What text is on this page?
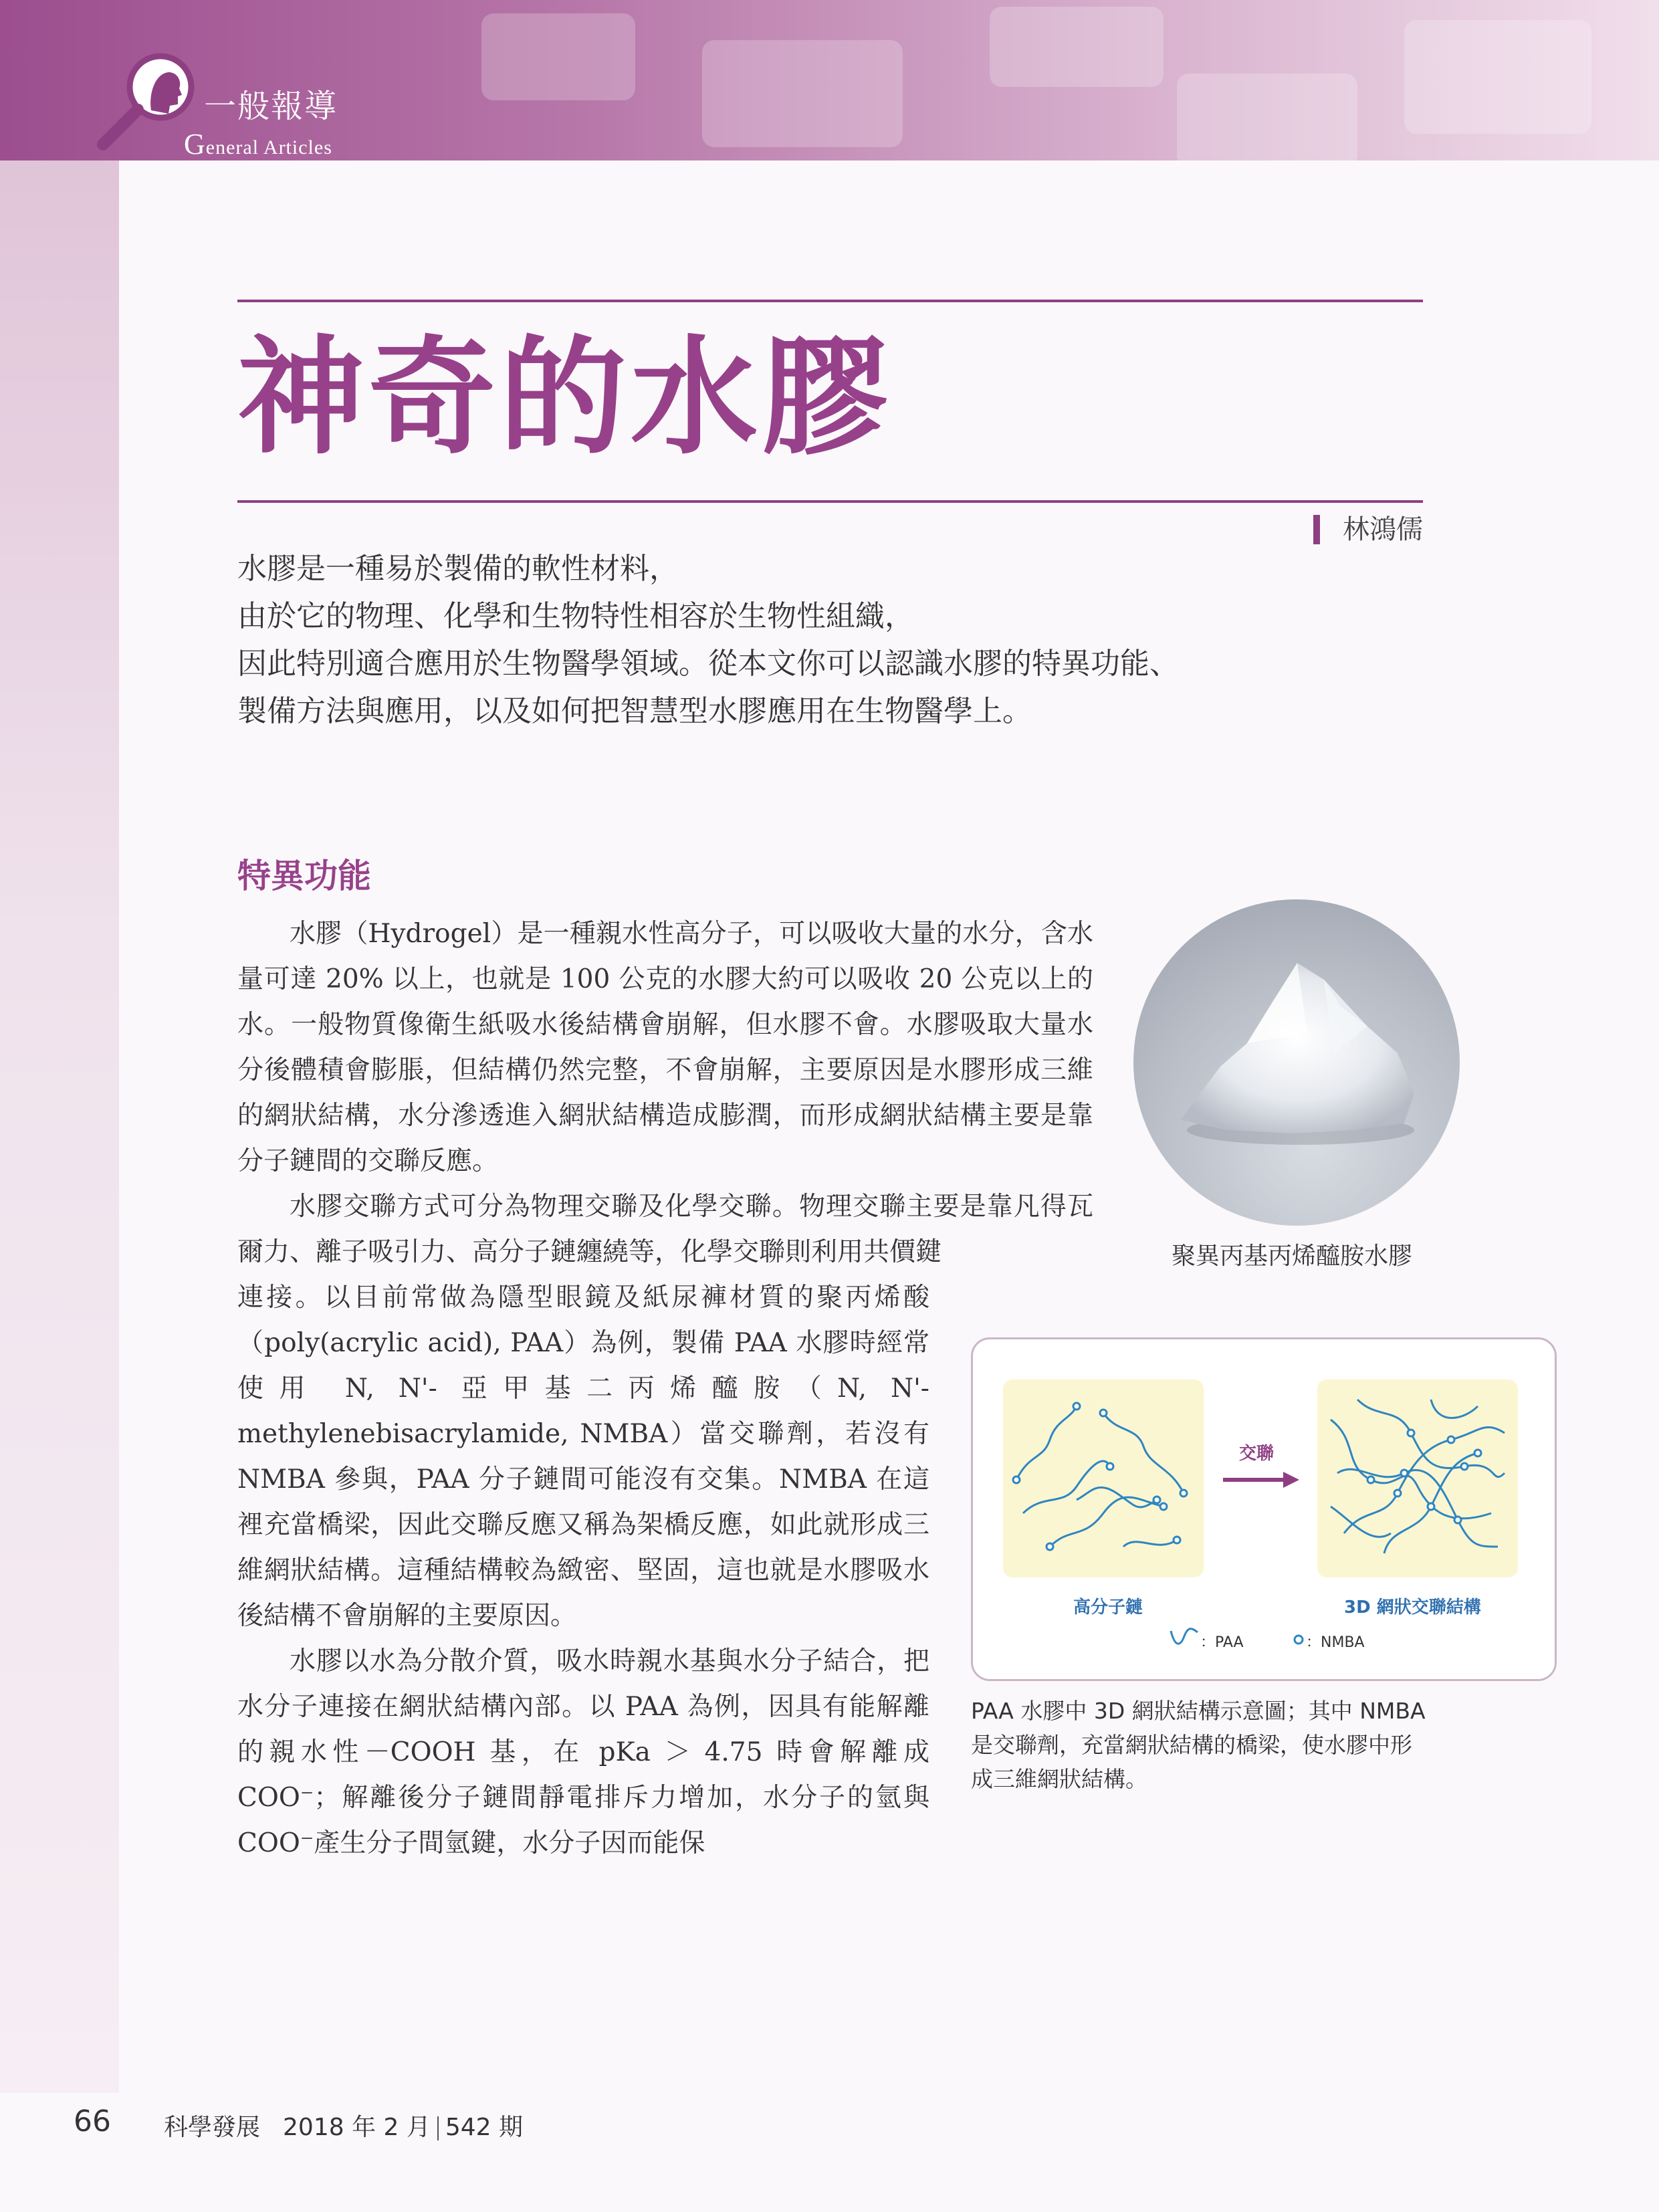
一般報導
General Articles
神奇的水膠
林鴻儒
水膠是一種易於製備的軟性材料，
由於它的物理、化學和生物特性相容於生物性組織，
因此特別適合應用於生物醫學領域。從本文你可以認識水膠的特異功能、
製備方法與應用，以及如何把智慧型水膠應用在生物醫學上。
特異功能

水膠（Hydrogel）是一種親水性高分子，可以吸收大量的水分，含水量可達 20% 以上，也就是 100 公克的水膠大約可以吸收 20 公克以上的水。一般物質像衛生紙吸水後結構會崩解，但水膠不會。水膠吸取大量水分後體積會膨脹，但結構仍然完整，不會崩解，主要原因是水膠形成三維的網狀結構，水分滲透進入網狀結構造成膨潤，而形成網狀結構主要是靠分子鏈間的交聯反應。

水膠交聯方式可分為物理交聯及化學交聯。物理交聯主要是靠凡得瓦爾力、離子吸引力、高分子鏈纏繞等，化學交聯則利用共價鍵	聚異丙基丙烯醯胺水膠
交聯
高分子鏈	3D 網狀交聯結構
：PAA	：NMBA
PAA 水膠中 3D 網狀結構示意圖；其中 NMBA 是交聯劑，充當網狀結構的橋梁，使水膠中形成三維網狀結構。

連接。以目前常做為隱型眼鏡及紙尿褲材質的聚丙烯酸（poly(acrylic acid), PAA）為例，製備 PAA 水膠時經常使用 N, N'- 亞甲基二丙烯醯胺（N, N'-methylenebisacrylamide, NMBA）當交聯劑，若沒有 NMBA 參與，PAA 分子鏈間可能沒有交集。NMBA 在這裡充當橋梁，因此交聯反應又稱為架橋反應，如此就形成三維網狀結構。這種結構較為緻密、堅固，這也就是水膠吸水後結構不會崩解的主要原因。

水膠以水為分散介質，吸水時親水基與水分子結合，把水分子連接在網狀結構內部。以 PAA 為例，因具有能解離的親水性－COOH 基，在 pKa ＞ 4.75 時會解離成 COO⁻；解離後分子鏈間靜電排斥力增加，水分子的氫與 COO⁻產生分子間氫鍵，水分子因而能保

66 科學發展 2018 年 2 月 542 期
